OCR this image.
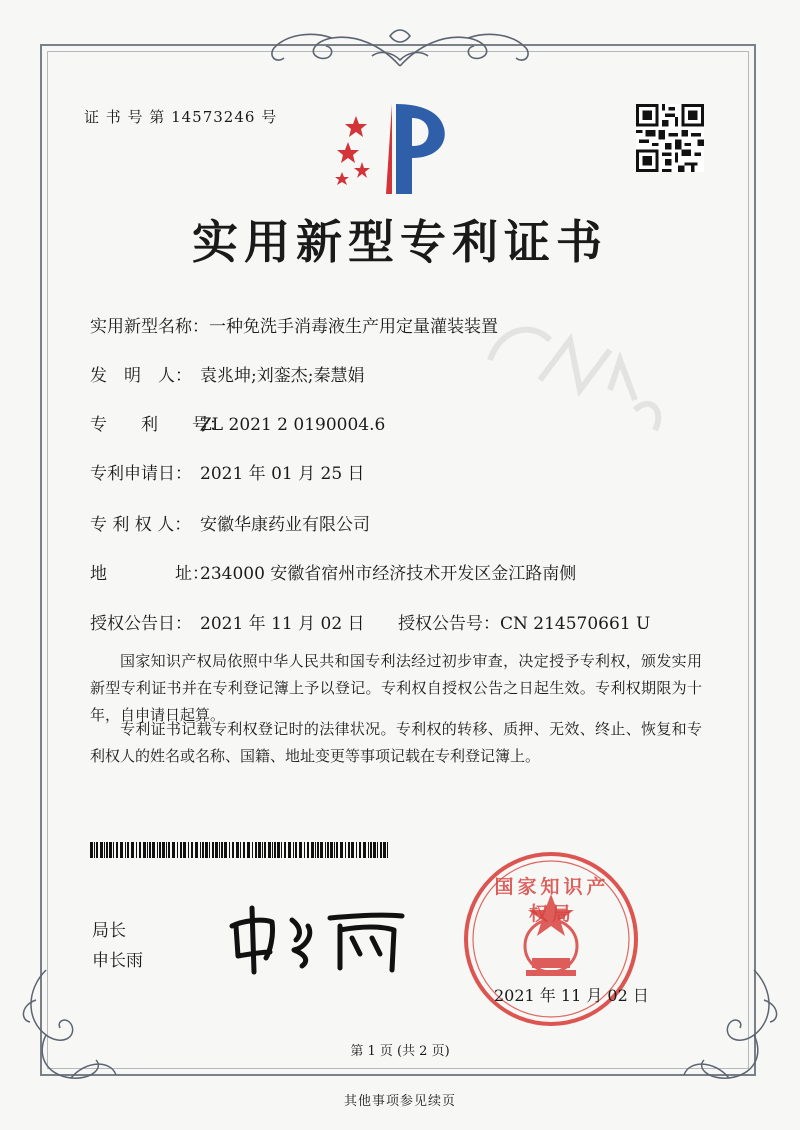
证 书 号 第 14573246 号
实用新型专利证书
实用新型名称：一种免洗手消毒液生产用定量灌装装置
发　明　人： 袁兆坤;刘銮杰;秦慧娟
专　　利　　号：ZL 2021 2 0190004.6
专利申请日： 2021 年 01 月 25 日
专 利 权 人： 安徽华康药业有限公司
地　　　　址：234000 安徽省宿州市经济技术开发区金江路南侧
授权公告日： 2021 年 11 月 02 日 授权公告号：CN 214570661 U
国家知识产权局依照中华人民共和国专利法经过初步审查，决定授予专利权，颁发实用新型专利证书并在专利登记簿上予以登记。专利权自授权公告之日起生效。专利权期限为十年，自申请日起算。
专利证书记载专利权登记时的法律状况。专利权的转移、质押、无效、终止、恢复和专利权人的姓名或名称、国籍、地址变更等事项记载在专利登记簿上。
局长
申长雨
国家知识产权局
2021 年 11 月 02 日
第 1 页 (共 2 页)
其他事项参见续页
